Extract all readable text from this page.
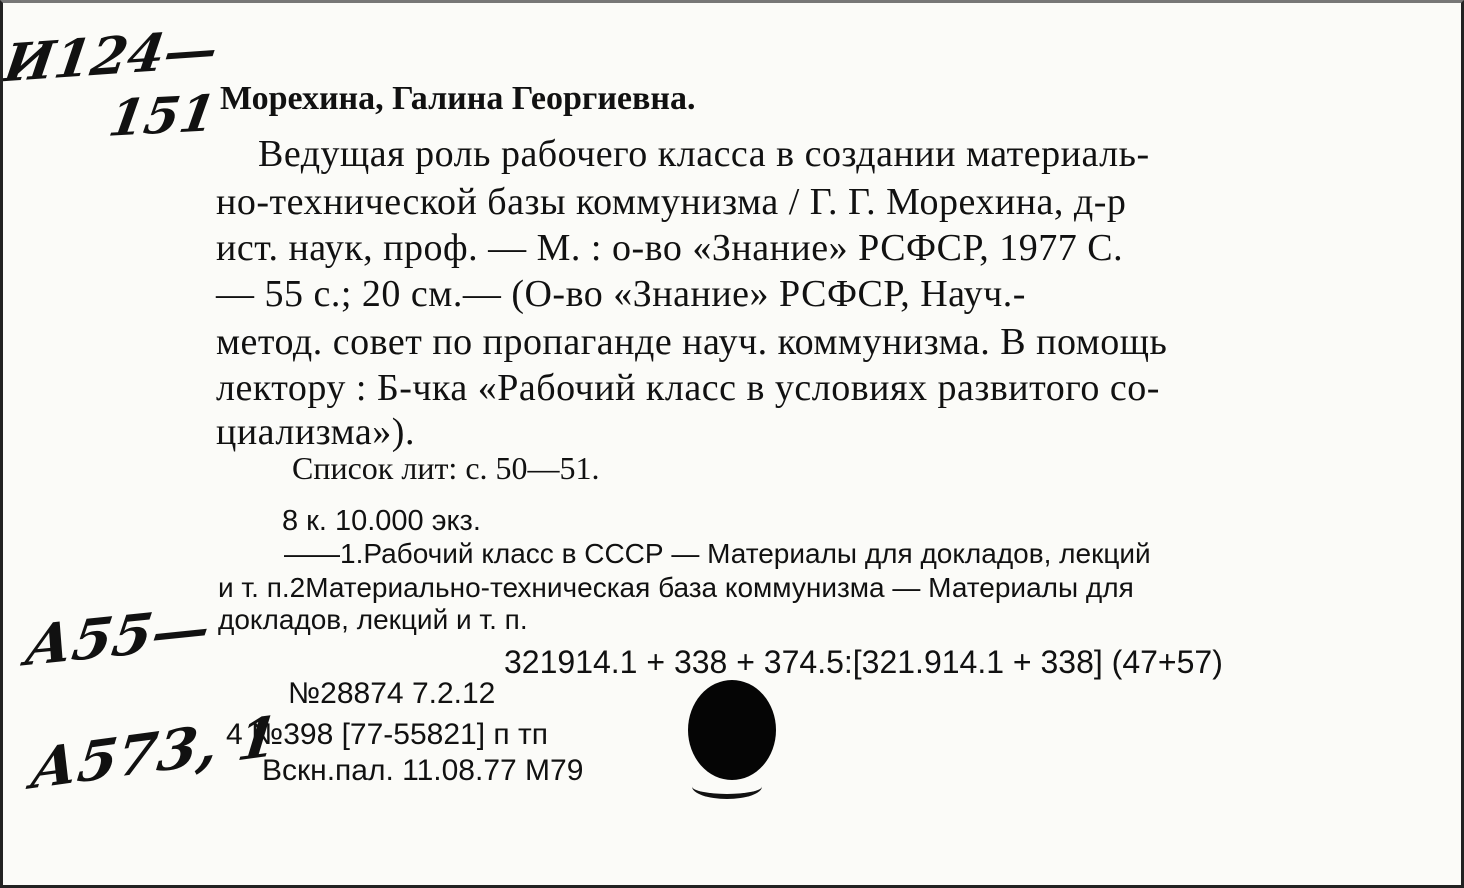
И124—
151 Морехина, Галина Георгиевна.
Ведущая роль рабочего класса в создании материаль-
но-технической базы коммунизма / Г. Г. Морехина, д-р
ист. наук, проф. — М. : о-во «Знание» РСФСР, 1977 С.
— 55 с.; 20 см.— (О-во «Знание» РСФСР, Науч.-
метод. совет по пропаганде науч. коммунизма. В помощь
лектору : Б-чка «Рабочий класс в условиях развитого со-
циализма»).
Список лит: с. 50—51.
8 к. 10.000 экз.
——1.Рабочий класс в СССР — Материалы для докладов, лекций
и т. п.2Материально-техническая база коммунизма — Материалы для
докладов, лекций и т. п.
321914.1 + 338 + 374.5:[321.914.1 + 338] (47+57)
№28874 7.2.12
4 №398 [77-55821] п тп
Вскн.пал. 11.08.77 М79
А55—
А573, 1
